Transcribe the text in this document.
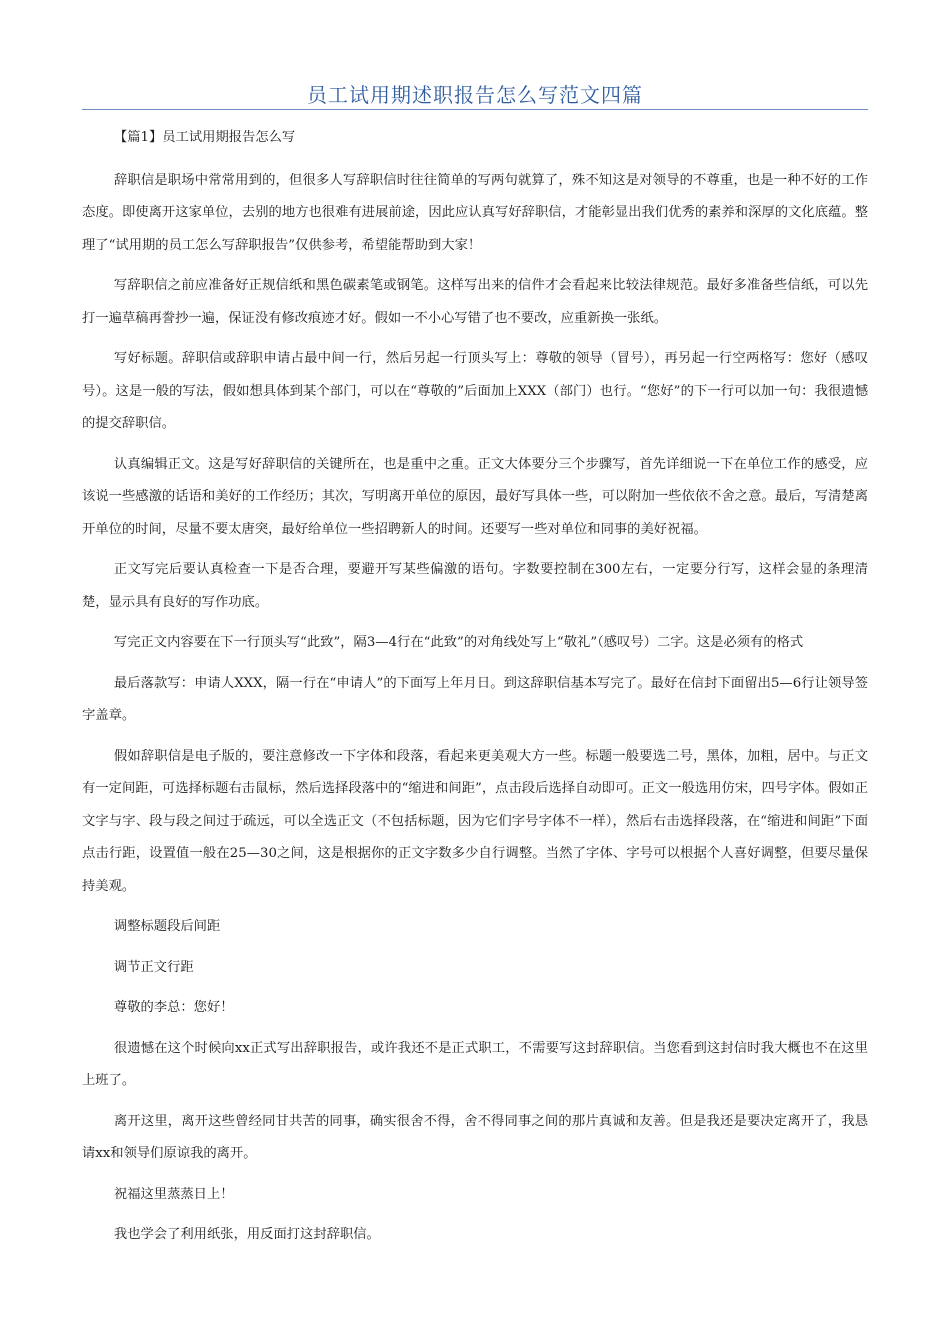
员工试用期述职报告怎么写范文四篇

【篇1】员工试用期报告怎么写

辞职信是职场中常常用到的，但很多人写辞职信时往往简单的写两句就算了，殊不知这是对领导的不尊重，也是一种不好的工作态度。即使离开这家单位，去别的地方也很难有进展前途，因此应认真写好辞职信，才能彰显出我们优秀的素养和深厚的文化底蕴。整理了“试用期的员工怎么写辞职报告”仅供参考，希望能帮助到大家！

写辞职信之前应准备好正规信纸和黑色碳素笔或钢笔。这样写出来的信件才会看起来比较法律规范。最好多准备些信纸，可以先打一遍草稿再誊抄一遍，保证没有修改痕迹才好。假如一不小心写错了也不要改，应重新换一张纸。

写好标题。辞职信或辞职申请占最中间一行，然后另起一行顶头写上：尊敬的领导（冒号），再另起一行空两格写：您好（感叹号）。这是一般的写法，假如想具体到某个部门，可以在“尊敬的”后面加上XXX（部门）也行。“您好”的下一行可以加一句：我很遗憾的提交辞职信。

认真编辑正文。这是写好辞职信的关键所在，也是重中之重。正文大体要分三个步骤写，首先详细说一下在单位工作的感受，应该说一些感激的话语和美好的工作经历；其次，写明离开单位的原因，最好写具体一些，可以附加一些依依不舍之意。最后，写清楚离开单位的时间，尽量不要太唐突，最好给单位一些招聘新人的时间。还要写一些对单位和同事的美好祝福。

正文写完后要认真检查一下是否合理，要避开写某些偏激的语句。字数要控制在300左右，一定要分行写，这样会显的条理清楚，显示具有良好的写作功底。

写完正文内容要在下一行顶头写“此致”，隔3—4行在“此致”的对角线处写上“敬礼”（感叹号）二字。这是必须有的格式

最后落款写：申请人XXX，隔一行在“申请人”的下面写上年月日。到这辞职信基本写完了。最好在信封下面留出5—6行让领导签字盖章。

假如辞职信是电子版的，要注意修改一下字体和段落，看起来更美观大方一些。标题一般要选二号，黑体，加粗，居中。与正文有一定间距，可选择标题右击鼠标，然后选择段落中的“缩进和间距”，点击段后选择自动即可。正文一般选用仿宋，四号字体。假如正文字与字、段与段之间过于疏远，可以全选正文（不包括标题，因为它们字号字体不一样），然后右击选择段落，在“缩进和间距”下面点击行距，设置值一般在25—30之间，这是根据你的正文字数多少自行调整。当然了字体、字号可以根据个人喜好调整，但要尽量保持美观。

调整标题段后间距

调节正文行距

尊敬的李总：您好！

很遗憾在这个时候向xx正式写出辞职报告，或许我还不是正式职工，不需要写这封辞职信。当您看到这封信时我大概也不在这里上班了。

离开这里，离开这些曾经同甘共苦的同事，确实很舍不得，舍不得同事之间的那片真诚和友善。但是我还是要决定离开了，我恳请xx和领导们原谅我的离开。

祝福这里蒸蒸日上！

我也学会了利用纸张，用反面打这封辞职信。
